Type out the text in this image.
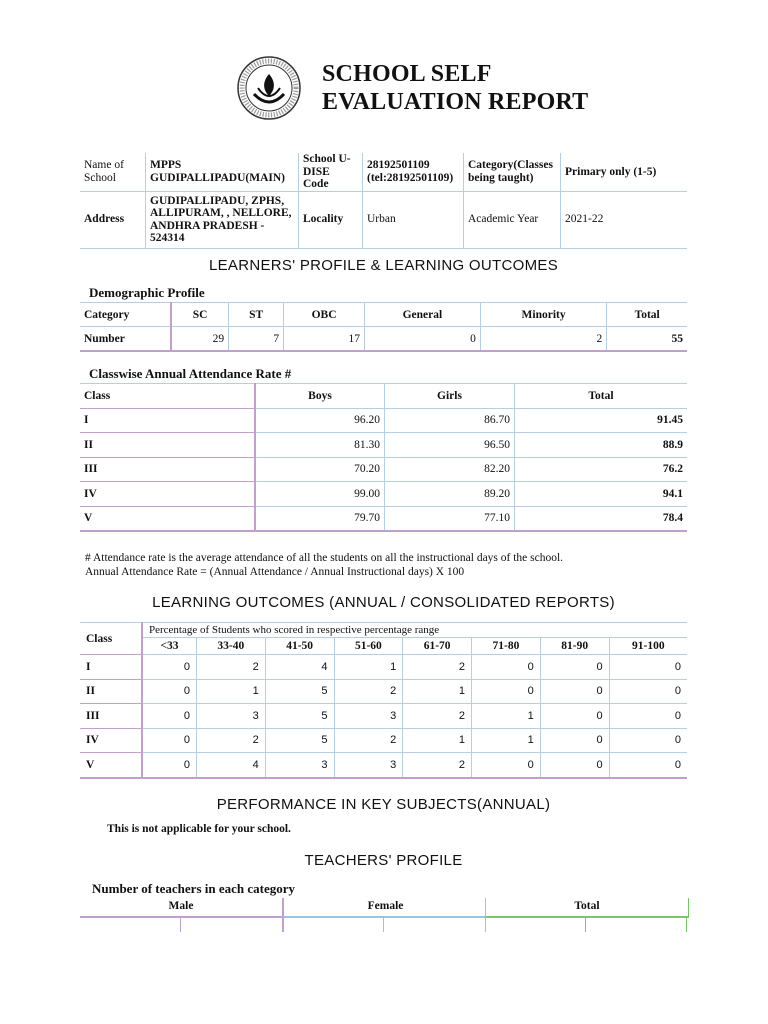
SCHOOL SELF
EVALUATION REPORT
Name of School	MPPS GUDIPALLIPADU(MAIN)	School U-DISE Code	28192501109 (tel:28192501109)	Category(Classes being taught)	Primary only (1-5)
Address	GUDIPALLIPADU, ZPHS, ALLIPURAM, , NELLORE, ANDHRA PRADESH - 524314	Locality	Urban	Academic Year	2021-22
LEARNERS' PROFILE & LEARNING OUTCOMES
Demographic Profile
Category	SC	ST	OBC	General	Minority	Total
Number	29	7	17	0	2	55
Classwise Annual Attendance Rate #
Class	Boys	Girls	Total
I	96.20	86.70	91.45
II	81.30	96.50	88.9
III	70.20	82.20	76.2
IV	99.00	89.20	94.1
V	79.70	77.10	78.4
# Attendance rate is the average attendance of all the students on all the instructional days of the school.
Annual Attendance Rate = (Annual Attendance / Annual Instructional days) X 100
LEARNING OUTCOMES (ANNUAL / CONSOLIDATED REPORTS)
Class	Percentage of Students who scored in respective percentage range							
	<33	33-40	41-50	51-60	61-70	71-80	81-90	91-100
I	0	2	4	1	2	0	0	0
II	0	1	5	2	1	0	0	0
III	0	3	5	3	2	1	0	0
IV	0	2	5	2	1	1	0	0
V	0	4	3	3	2	0	0	0
PERFORMANCE IN KEY SUBJECTS(ANNUAL)
This is not applicable for your school.
TEACHERS' PROFILE
Number of teachers in each category
Male	Female	Total
